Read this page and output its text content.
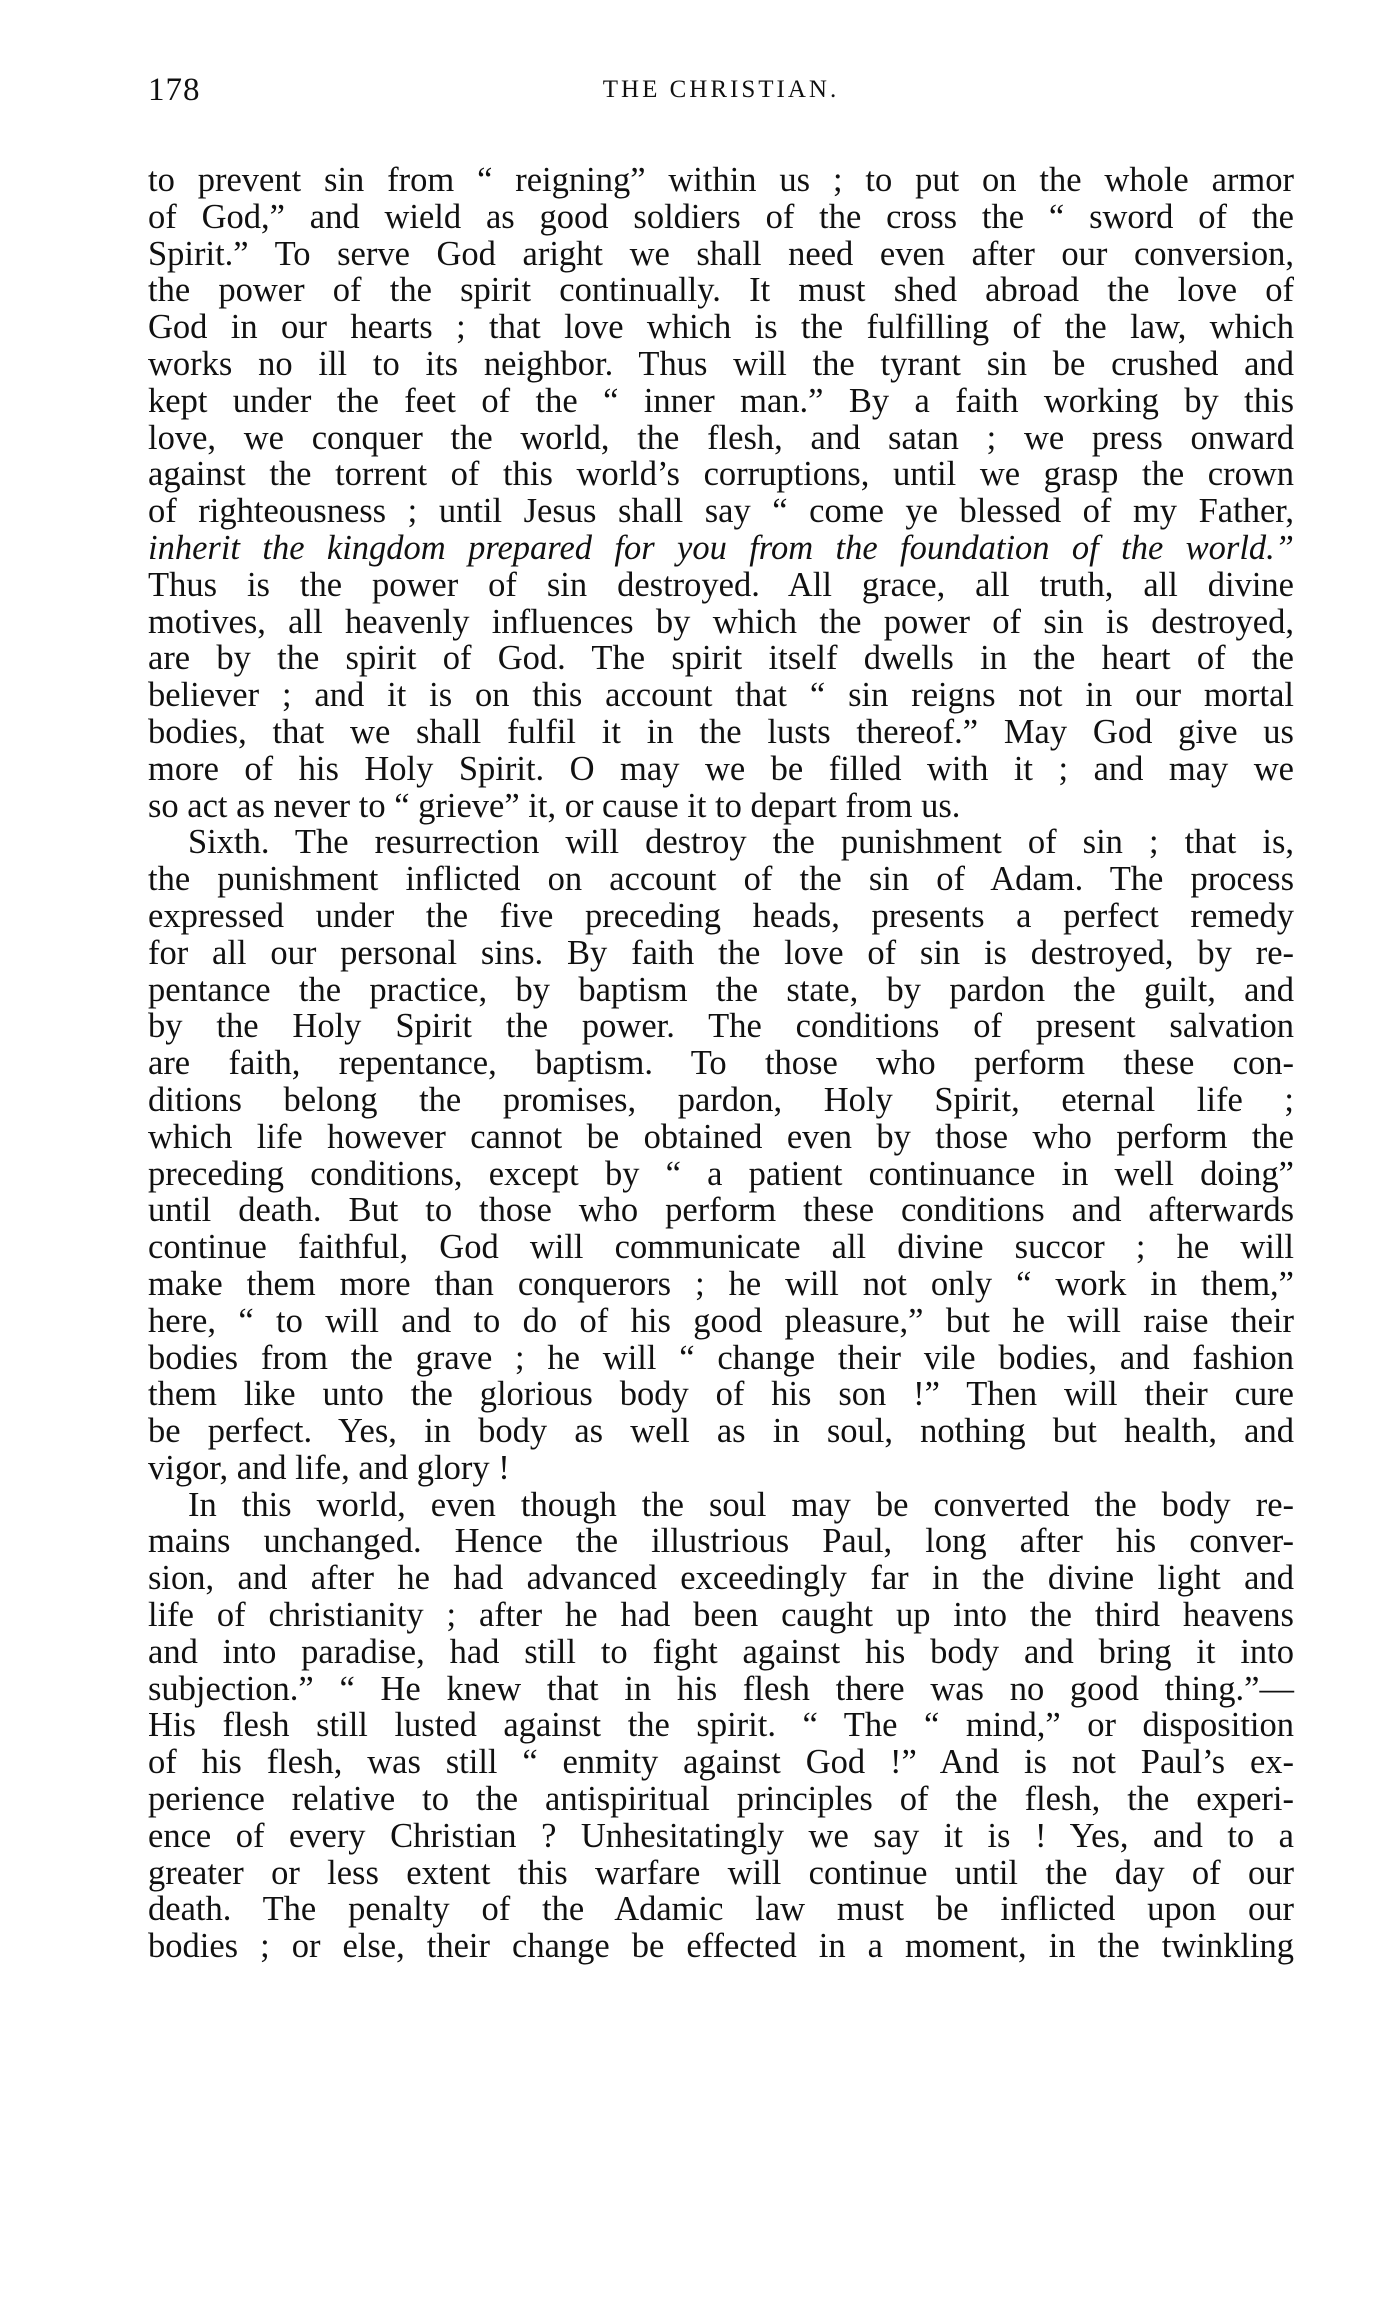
178	THE CHRISTIAN.
to prevent sin from “ reigning” within us ; to put on the whole armor
of God,” and wield as good soldiers of the cross the “ sword of the
Spirit.” To serve God aright we shall need even after our conversion,
the power of the spirit continually. It must shed abroad the love of
God in our hearts ; that love which is the fulfilling of the law, which
works no ill to its neighbor. Thus will the tyrant sin be crushed and
kept under the feet of the “ inner man.” By a faith working by this
love, we conquer the world, the flesh, and satan ; we press onward
against the torrent of this world’s corruptions, until we grasp the crown
of righteousness ; until Jesus shall say “ come ye blessed of my Father,
inherit the kingdom prepared for you from the foundation of the world.”
Thus is the power of sin destroyed. All grace, all truth, all divine
motives, all heavenly influences by which the power of sin is destroyed,
are by the spirit of God. The spirit itself dwells in the heart of the
believer ; and it is on this account that “ sin reigns not in our mortal
bodies, that we shall fulfil it in the lusts thereof.” May God give us
more of his Holy Spirit. O may we be filled with it ; and may we
so act as never to “ grieve” it, or cause it to depart from us.
Sixth. The resurrection will destroy the punishment of sin ; that is,
the punishment inflicted on account of the sin of Adam. The process
expressed under the five preceding heads, presents a perfect remedy
for all our personal sins. By faith the love of sin is destroyed, by re-
pentance the practice, by baptism the state, by pardon the guilt, and
by the Holy Spirit the power. The conditions of present salvation
are faith, repentance, baptism. To those who perform these con-
ditions belong the promises, pardon, Holy Spirit, eternal life ;
which life however cannot be obtained even by those who perform the
preceding conditions, except by “ a patient continuance in well doing”
until death. But to those who perform these conditions and afterwards
continue faithful, God will communicate all divine succor ; he will
make them more than conquerors ; he will not only “ work in them,”
here, “ to will and to do of his good pleasure,” but he will raise their
bodies from the grave ; he will “ change their vile bodies, and fashion
them like unto the glorious body of his son !” Then will their cure
be perfect. Yes, in body as well as in soul, nothing but health, and
vigor, and life, and glory !
In this world, even though the soul may be converted the body re-
mains unchanged. Hence the illustrious Paul, long after his conver-
sion, and after he had advanced exceedingly far in the divine light and
life of christianity ; after he had been caught up into the third heavens
and into paradise, had still to fight against his body and bring it into
subjection.” “ He knew that in his flesh there was no good thing.”—
His flesh still lusted against the spirit. “ The “ mind,” or disposition
of his flesh, was still “ enmity against God !” And is not Paul’s ex-
perience relative to the antispiritual principles of the flesh, the experi-
ence of every Christian ? Unhesitatingly we say it is ! Yes, and to a
greater or less extent this warfare will continue until the day of our
death. The penalty of the Adamic law must be inflicted upon our
bodies ; or else, their change be effected in a moment, in the twinkling
